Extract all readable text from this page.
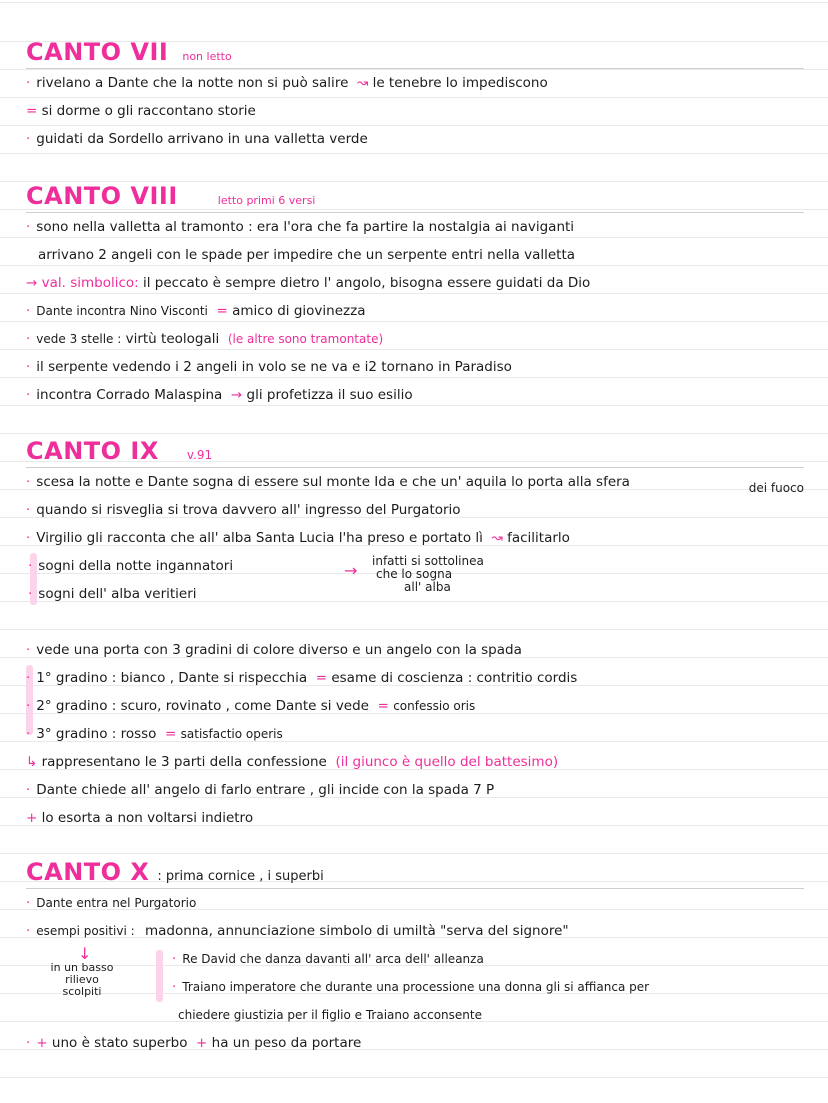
CANTO VII non letto
· rivelano a Dante che la notte non si può salire  ↝ le tenebre lo impediscono
= si dorme o gli raccontano storie
· guidati da Sordello arrivano in una valletta verde
CANTO VIII	letto primi 6 versi
· sono nella valletta al tramonto : era l'ora che fa partire la nostalgia ai naviganti
arrivano 2 angeli con le spade per impedire che un serpente entri nella valletta
→ val. simbolico: il peccato è sempre dietro l' angolo, bisogna essere guidati da Dio
· Dante incontra Nino Visconti  = amico di giovinezza
· vede 3 stelle : virtù teologali (le altre sono tramontate)
· il serpente vedendo i 2 angeli in volo se ne va e i2 tornano in Paradiso
· incontra Corrado Malaspina  → gli profetizza il suo esilio
CANTO IX v.91
· scesa la notte e Dante sogna di essere sul monte Ida e che un' aquila lo porta alla sfera	dei fuoco
· quando si risveglia si trova davvero all' ingresso del Purgatorio
· Virgilio gli racconta che all' alba Santa Lucia l'ha preso e portato lì  ↝ facilitarlo
· sogni della notte ingannatori
· sogni dell' alba veritieri
→ infatti si sottolinea
che lo sogna
all' alba
· vede una porta con 3 gradini di colore diverso e un angelo con la spada
· 1° gradino : bianco , Dante si rispecchia  = esame di coscienza : contritio cordis
· 2° gradino : scuro, rovinato , come Dante si vede  = confessio oris
· 3° gradino : rosso  = satisfactio operis
↳ rappresentano le 3 parti della confessione (il giunco è quello del battesimo)
· Dante chiede all' angelo di farlo entrare , gli incide con la spada 7 P
+ lo esorta a non voltarsi indietro
CANTO X : prima cornice , i superbi
· Dante entra nel Purgatorio
· esempi positivi : madonna, annunciazione simbolo di umiltà "serva del signore"
· Re David che danza davanti all' arca dell' alleanza
· Traiano imperatore che durante una processione una donna gli si affianca per
chiedere giustizia per il figlio e Traiano acconsente
↓
in un basso
rilievo
scolpiti
· + uno è stato superbo  + ha un peso da portare
